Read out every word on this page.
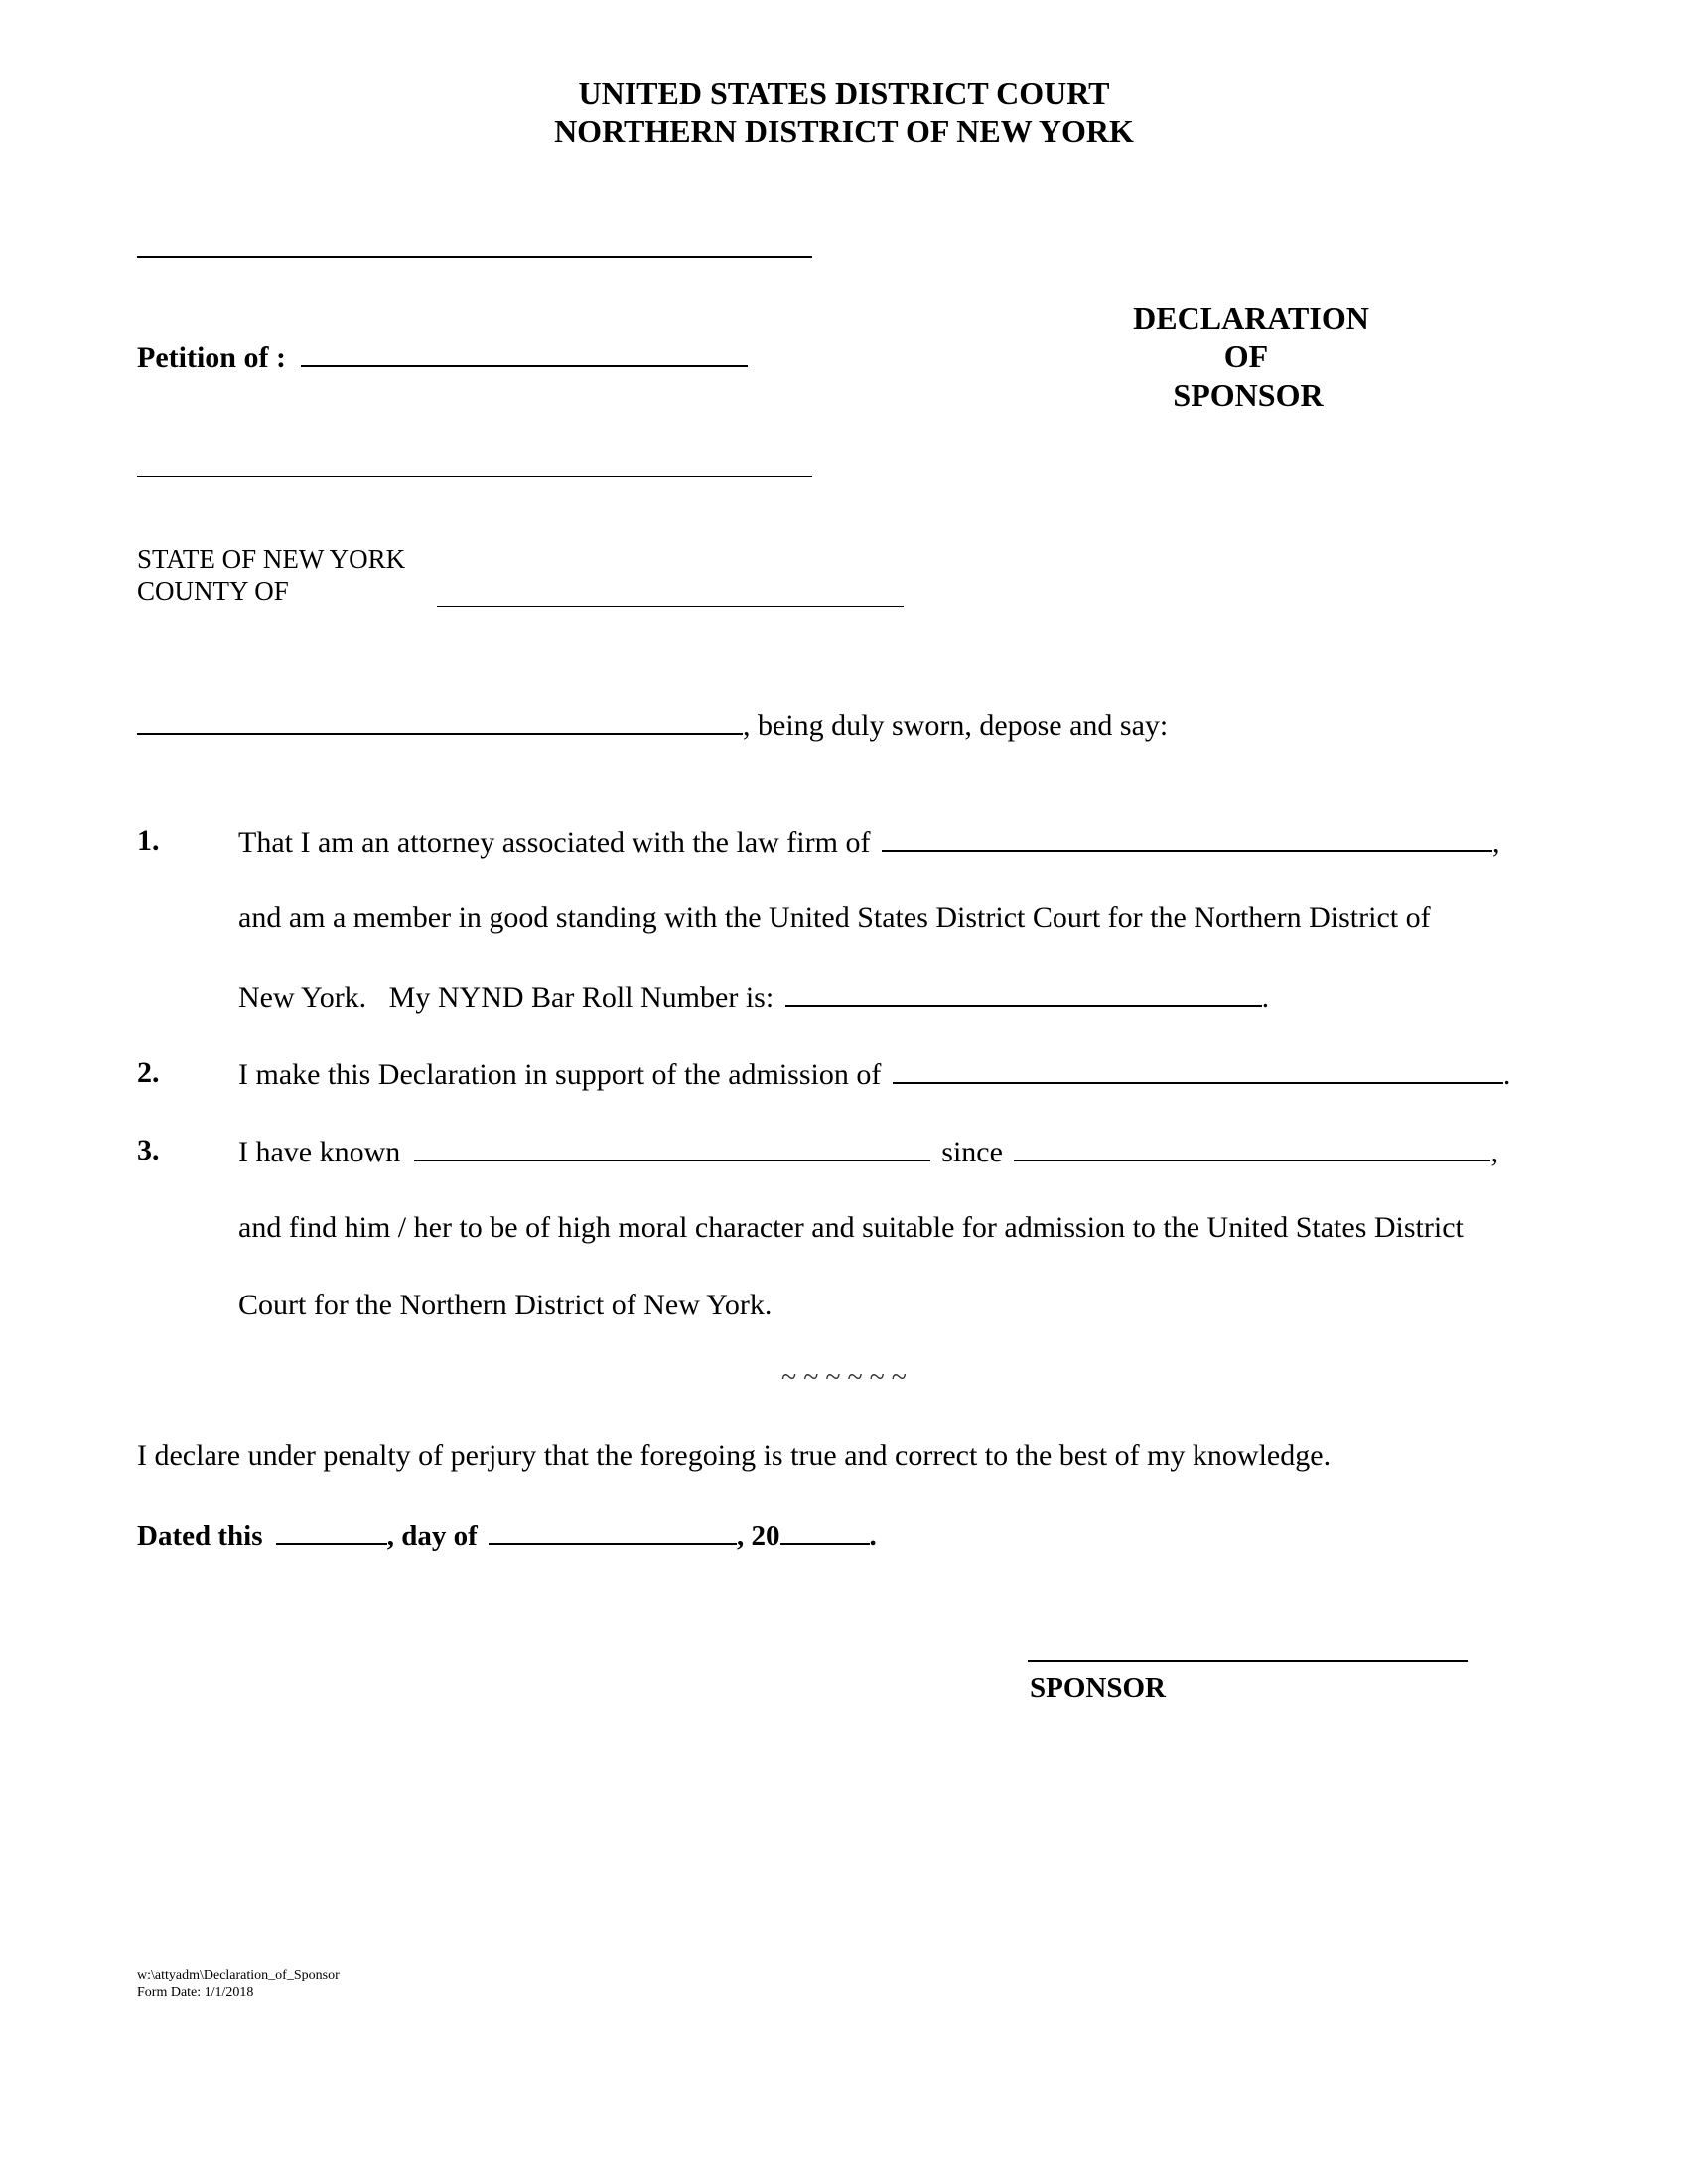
UNITED STATES DISTRICT COURT
NORTHERN DISTRICT OF NEW YORK
Petition of :
DECLARATION
OF
SPONSOR
STATE OF NEW YORK
COUNTY OF
, being duly sworn, depose and say:
1.	That I am an attorney associated with the law firm of	,
and am a member in good standing with the United States District Court for the Northern District of
New York.   My NYND Bar Roll Number is:	.
2.	I make this Declaration in support of the admission of	.
3.	I have known	since	,
and find him / her to be of high moral character and suitable for admission to the United States District
Court for the Northern District of New York.
~ ~ ~ ~ ~ ~
I declare under penalty of perjury that the foregoing is true and correct to the best of my knowledge.
Dated this	, day of	, 20	.
SPONSOR
w:\attyadm\Declaration_of_Sponsor
Form Date: 1/1/2018
